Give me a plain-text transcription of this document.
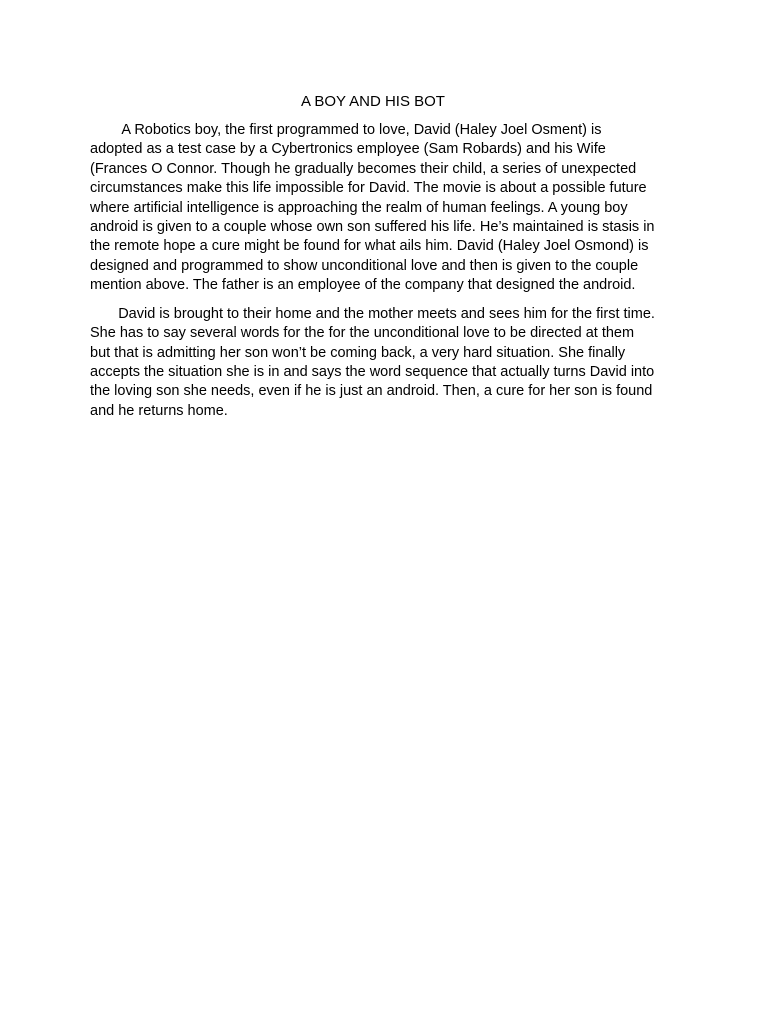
A BOY AND HIS BOT
A Robotics boy, the first programmed to love, David (Haley Joel Osment) is
adopted as a test case by a Cybertronics employee (Sam Robards) and his Wife
(Frances O Connor. Though he gradually becomes their child, a series of unexpected
circumstances make this life impossible for David. The movie is about a possible future
where artificial intelligence is approaching the realm of human feelings. A young boy
android is given to a couple whose own son suffered his life. He’s maintained is stasis in
the remote hope a cure might be found for what ails him. David (Haley Joel Osmond) is
designed and programmed to show unconditional love and then is given to the couple
mention above. The father is an employee of the company that designed the android.
David is brought to their home and the mother meets and sees him for the first time.
She has to say several words for the for the unconditional love to be directed at them
but that is admitting her son won’t be coming back, a very hard situation. She finally
accepts the situation she is in and says the word sequence that actually turns David into
the loving son she needs, even if he is just an android. Then, a cure for her son is found
and he returns home.
